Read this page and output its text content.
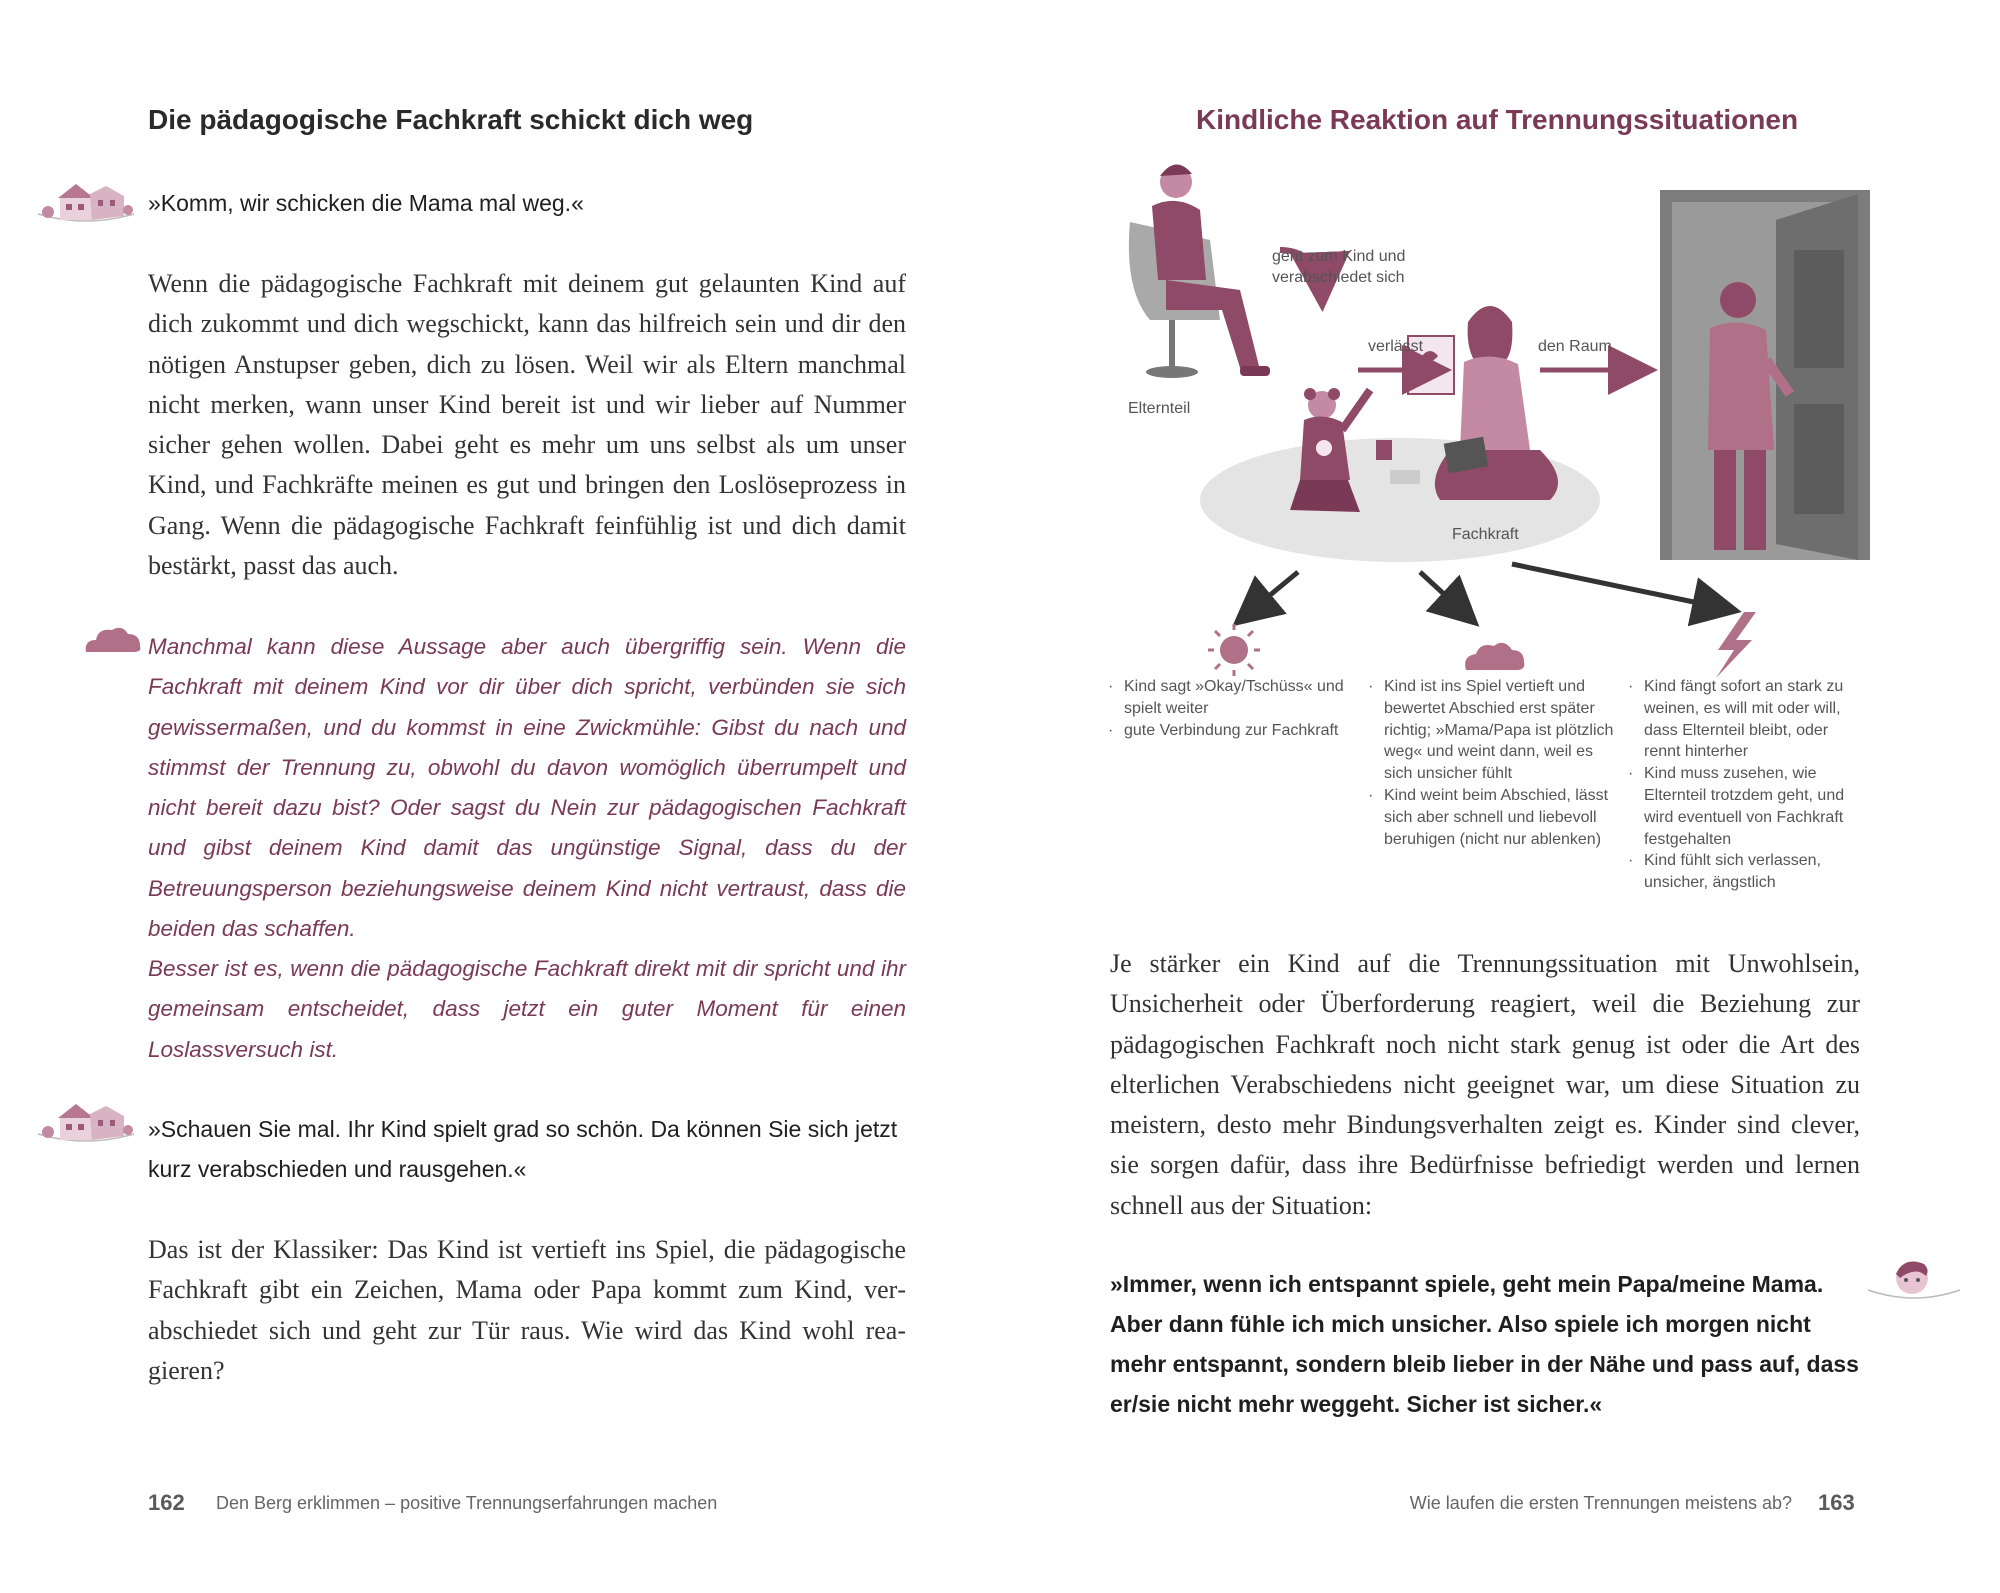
Die pädagogische Fachkraft schickt dich weg
»Komm, wir schicken die Mama mal weg.«
Wenn die pädagogische Fachkraft mit deinem gut gelaunten Kind auf dich zukommt und dich wegschickt, kann das hilfreich sein und dir den nötigen Anstupser geben, dich zu lösen. Weil wir als Eltern manchmal nicht merken, wann unser Kind bereit ist und wir lieber auf Nummer sicher gehen wollen. Dabei geht es mehr um uns selbst als um unser Kind, und Fachkräfte meinen es gut und bringen den Loslöseprozess in Gang. Wenn die pädagogische Fachkraft feinfühlig ist und dich damit bestärkt, passt das auch.
Manchmal kann diese Aussage aber auch übergriffig sein. Wenn die Fachkraft mit deinem Kind vor dir über dich spricht, verbünden sie sich gewissermaßen, und du kommst in eine Zwickmühle: Gibst du nach und stimmst der Trennung zu, obwohl du davon womöglich überrumpelt und nicht bereit dazu bist? Oder sagst du Nein zur pädagogischen Fachkraft und gibst deinem Kind damit das ungünstige Signal, dass du der Betreuungsperson beziehungsweise deinem Kind nicht vertraust, dass die beiden das schaffen.
Besser ist es, wenn die pädagogische Fachkraft direkt mit dir spricht und ihr gemeinsam entscheidet, dass jetzt ein guter Moment für einen Loslassversuch ist.
»Schauen Sie mal. Ihr Kind spielt grad so schön. Da können Sie sich jetzt kurz verabschieden und rausgehen.«
Das ist der Klassiker: Das Kind ist vertieft ins Spiel, die pädagogische Fachkraft gibt ein Zeichen, Mama oder Papa kommt zum Kind, verabschiedet sich und geht zur Tür raus. Wie wird das Kind wohl reagieren?
162 Den Berg erklimmen – positive Trennungserfahrungen machen
Kindliche Reaktion auf Trennungssituationen
geht zum Kind und
verabschiedet sich
verlässt	den Raum
Elternteil
Fachkraft
· Kind sagt »Okay/Tschüss« und spielt weiter
· gute Verbindung zur Fachkraft
· Kind ist ins Spiel vertieft und bewertet Abschied erst später richtig; »Mama/Papa ist plötzlich weg« und weint dann, weil es sich unsicher fühlt
· Kind weint beim Abschied, lässt sich aber schnell und liebevoll beruhigen (nicht nur ablenken)
· Kind fängt sofort an stark zu weinen, es will mit oder will, dass Elternteil bleibt, oder rennt hinterher
· Kind muss zusehen, wie Elternteil trotzdem geht, und wird eventuell von Fachkraft festgehalten
· Kind fühlt sich verlassen, unsicher, ängstlich
Je stärker ein Kind auf die Trennungssituation mit Unwohlsein, Unsicherheit oder Überforderung reagiert, weil die Beziehung zur pädagogischen Fachkraft noch nicht stark genug ist oder die Art des elterlichen Verabschiedens nicht geeignet war, um diese Situation zu meistern, desto mehr Bindungsverhalten zeigt es. Kinder sind clever, sie sorgen dafür, dass ihre Bedürfnisse befriedigt werden und lernen schnell aus der Situation:
»Immer, wenn ich entspannt spiele, geht mein Papa/meine Mama. Aber dann fühle ich mich unsicher. Also spiele ich morgen nicht mehr entspannt, sondern bleib lieber in der Nähe und pass auf, dass er/sie nicht mehr weggeht. Sicher ist sicher.«
Wie laufen die ersten Trennungen meistens ab? 163
